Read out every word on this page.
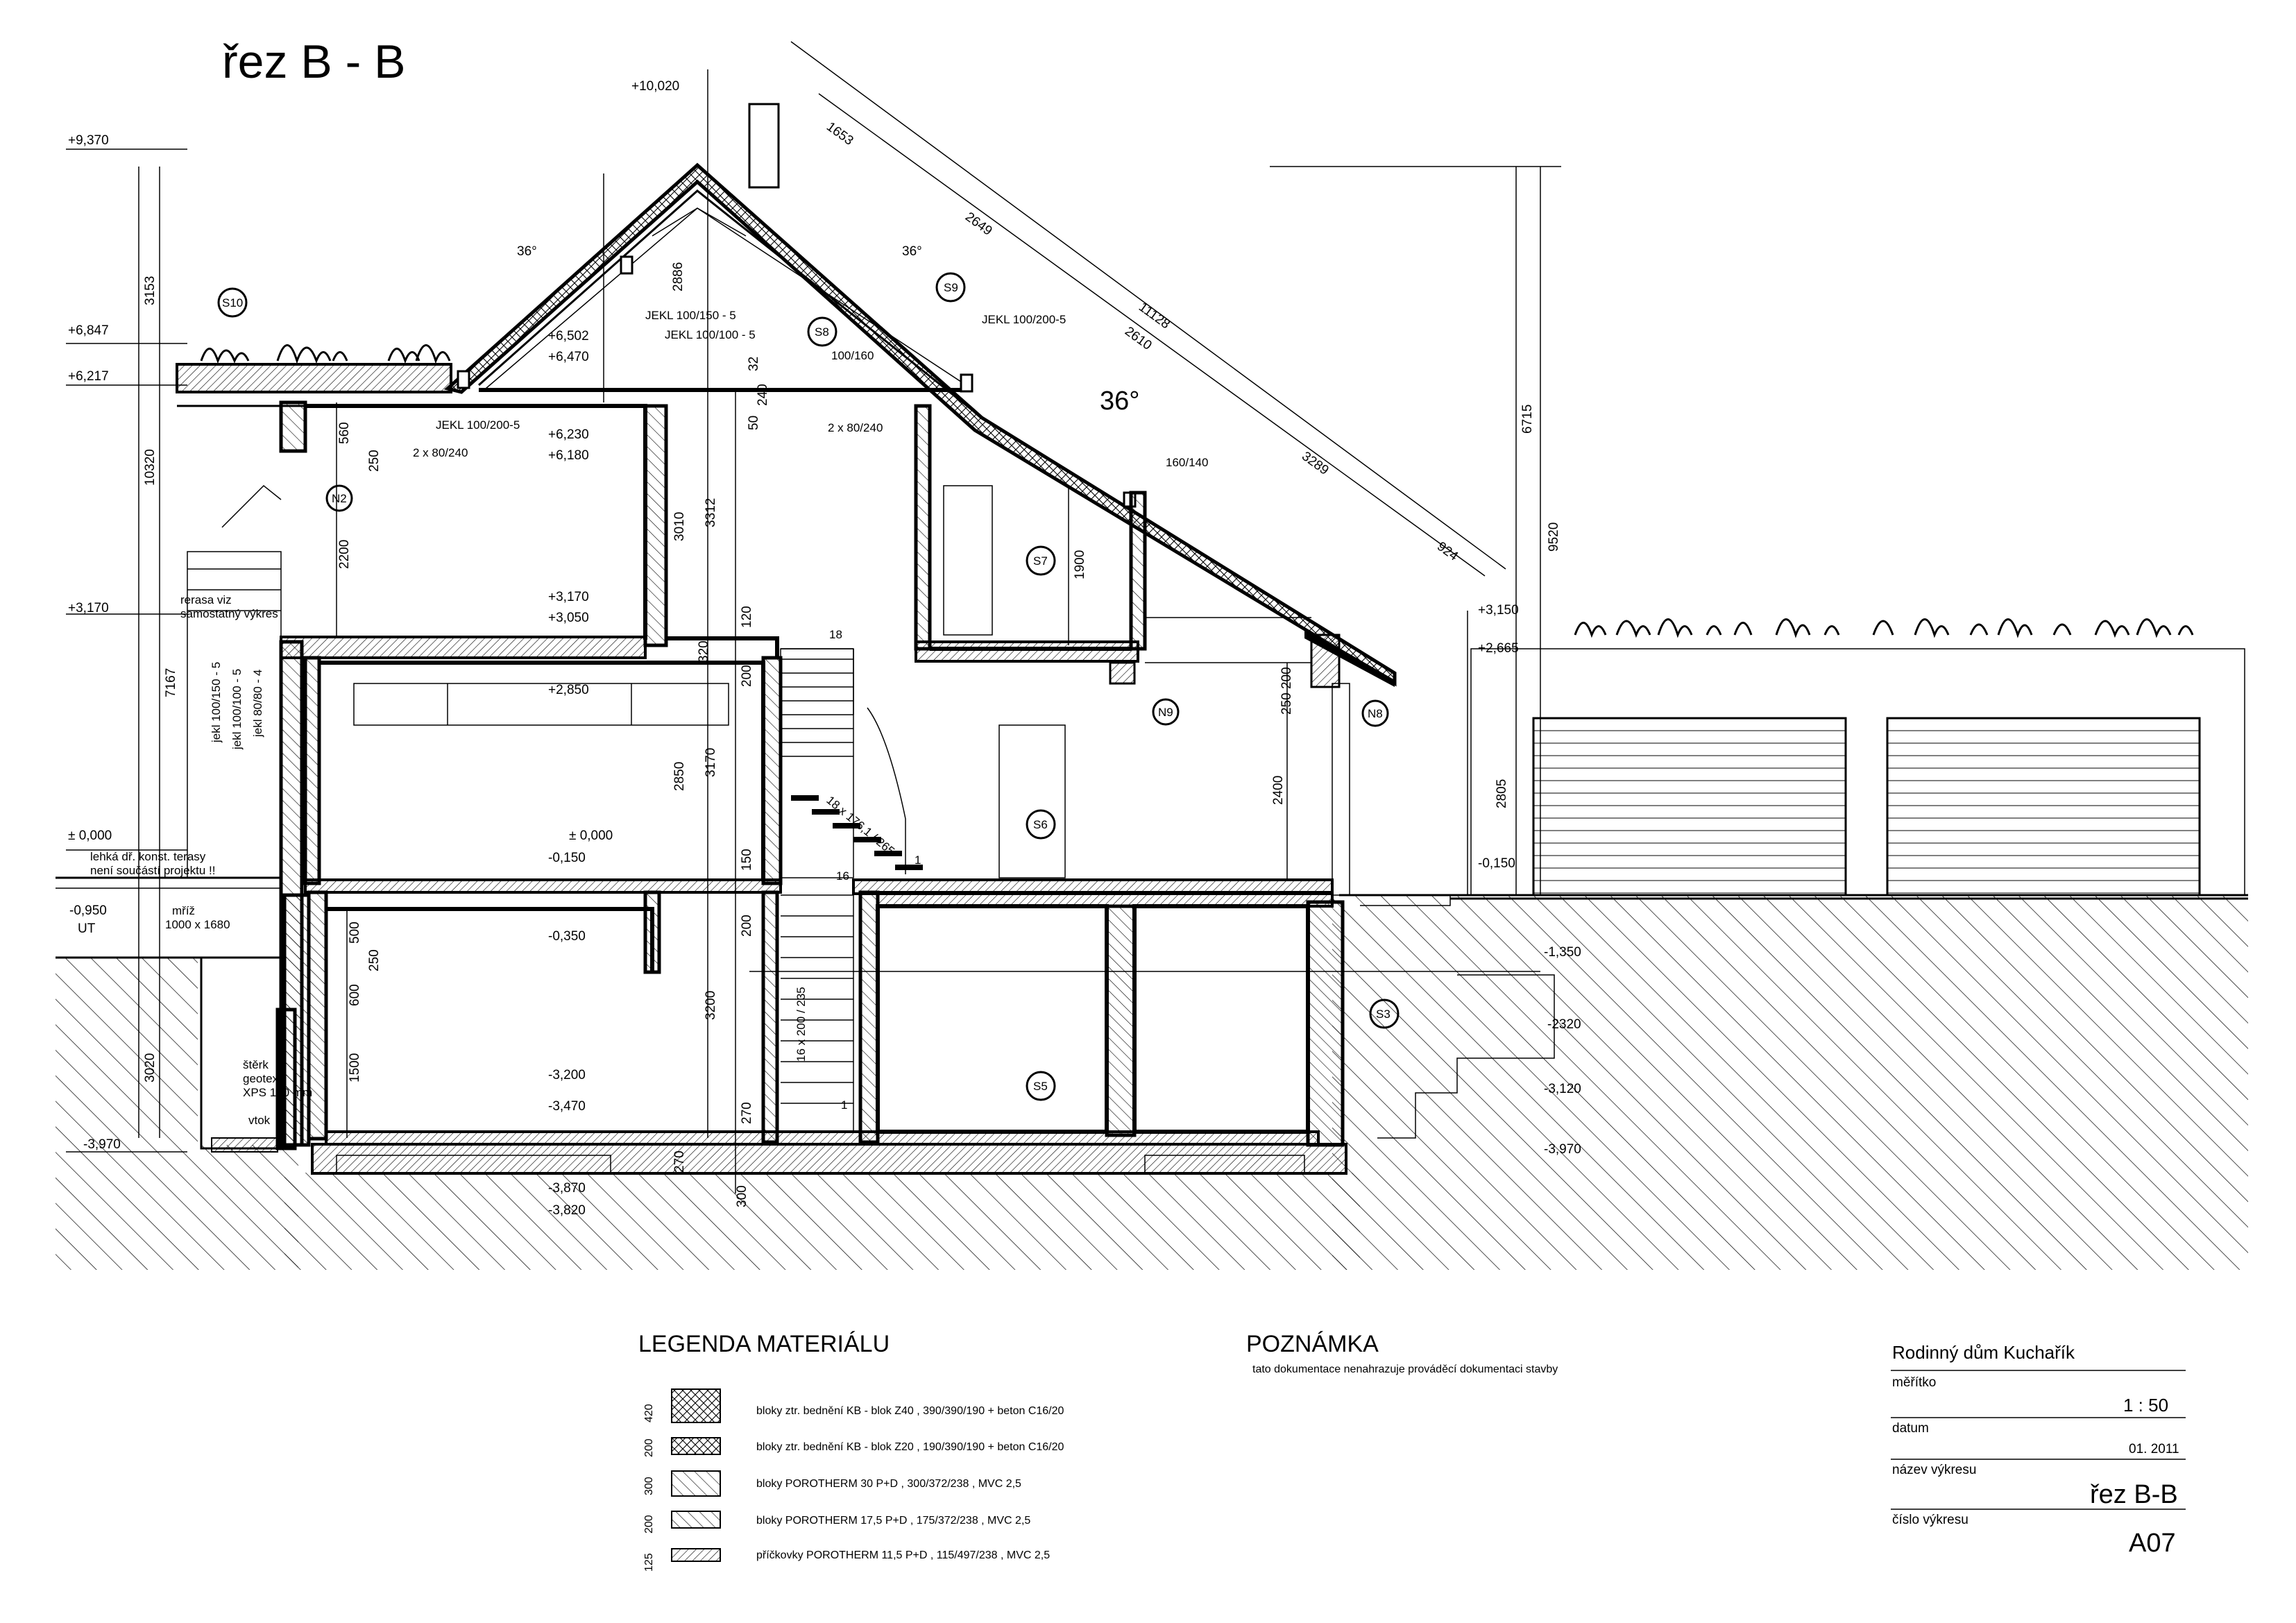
řez B - B
+9,370
+6,847
+6,217
+3,170
± 0,000
-0,950
UT
-3,970
+10,020
+6,502
+6,470
+6,230
+6,180
+3,170
+3,050
+2,850
± 0,000
-0,150
-0,350
-3,200
-3,470
-3,870
-3,820
+3,150
+2,665
-0,150
-1,350
-2320
-3,120
-3,970
3153
10320
7167
3020
560
250
2200
3010 3312
120
320
200
3170
2850
150
200
3200
270
500
600
1500
250
1900
2400
250 200
2886
32
50
240
1653
2649
11128
2610
3289
924
6715
9520
2805
270
300
36°	36°
36°
JEKL 100/150 - 5
JEKL 100/100 - 5
JEKL 100/200-5
JEKL 100/200-5
2 x 80/240
2 x 80/240
100/160
160/140
jekl 100/150 - 5 jekl 100/100 - 5 jekl 80/80 - 4
S10
S9
S8
S7
S6
S5
S3
N2
N9	N8
18
18 x 176,1 / 265
1
16
16 x 200 / 235
1
rerasa viz
samostatný výkres
lehká dř. konst. terasy
není součástí projektu !!
mříž
1000 x 1680
štěrk
geotex
XPS 100 mm
vtok
LEGENDA MATERIÁLU
420	bloky ztr. bednění KB - blok Z40 , 390/390/190 + beton C16/20
200	bloky ztr. bednění KB - blok Z20 , 190/390/190 + beton C16/20
300	bloky POROTHERM 30 P+D , 300/372/238 , MVC 2,5
200	bloky POROTHERM 17,5 P+D , 175/372/238 , MVC 2,5
125	příčkovky POROTHERM 11,5 P+D , 115/497/238 , MVC 2,5
POZNÁMKA
tato dokumentace nenahrazuje prováděcí dokumentaci stavby
Rodinný dům Kuchařík
měřítko
1 : 50
datum
01. 2011
název výkresu
řez B-B
číslo výkresu
A07
